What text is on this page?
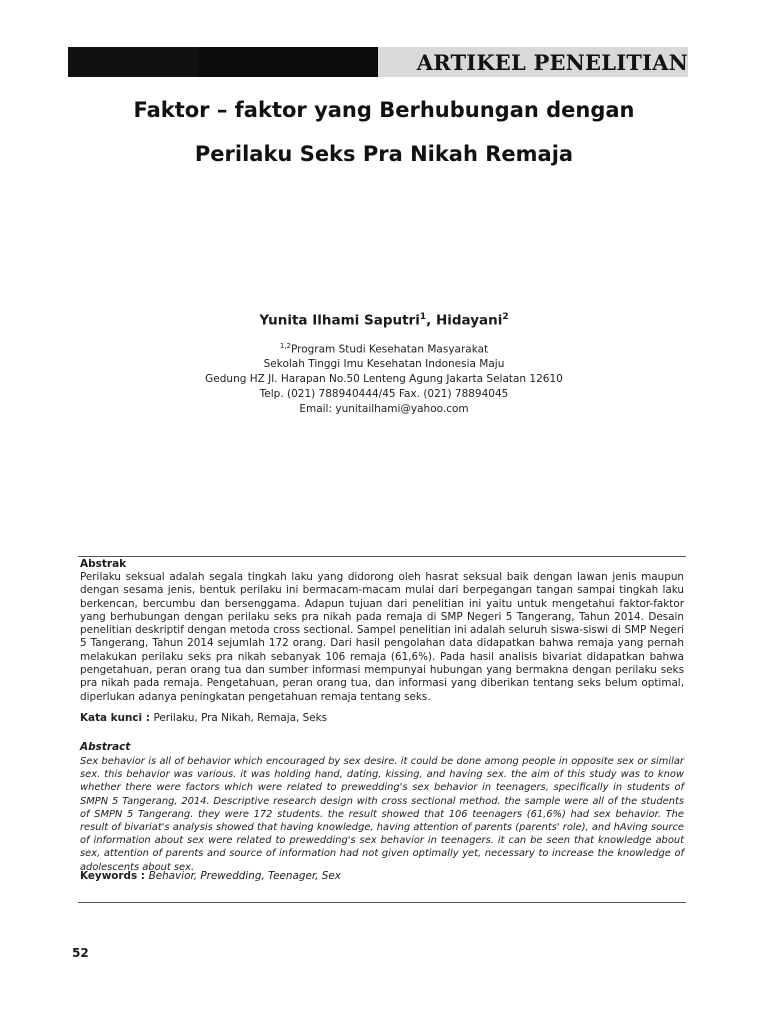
ARTIKEL PENELITIAN
Faktor – faktor yang Berhubungan dengan
Perilaku Seks Pra Nikah Remaja
Yunita Ilhami Saputri$^1$, Hidayani$^2$
$^{1,2}$Program Studi Kesehatan Masyarakat
Sekolah Tinggi Imu Kesehatan Indonesia Maju
Gedung HZ Jl. Harapan No.50 Lenteng Agung Jakarta Selatan 12610
Telp. (021) 788940444/45 Fax. (021) 78894045
Email: yunitailhami@yahoo.com
Abstrak
Perilaku seksual adalah segala tingkah laku yang didorong oleh hasrat seksual baik dengan lawan jenis maupun dengan sesama jenis, bentuk perilaku ini bermacam-macam mulai dari berpegangan tangan sampai tingkah laku berkencan, bercumbu dan bersenggama. Adapun tujuan dari penelitian ini yaitu untuk mengetahui faktor-faktor yang berhubungan dengan perilaku seks pra nikah pada remaja di SMP Negeri 5 Tangerang, Tahun 2014. Desain penelitian deskriptif dengan metoda cross sectional. Sampel penelitian ini adalah seluruh siswa-siswi di SMP Negeri 5 Tangerang, Tahun 2014 sejumlah 172 orang. Dari hasil pengolahan data didapatkan bahwa remaja yang pernah melakukan perilaku seks pra nikah sebanyak 106 remaja (61,6%). Pada hasil analisis bivariat didapatkan bahwa pengetahuan, peran orang tua dan sumber informasi mempunyai hubungan yang bermakna dengan perilaku seks pra nikah pada remaja. Pengetahuan, peran orang tua, dan informasi yang diberikan tentang seks belum optimal, diperlukan adanya peningkatan pengetahuan remaja tentang seks.
Kata kunci : Perilaku, Pra Nikah, Remaja, Seks
Abstract
Sex behavior is all of behavior which encouraged by sex desire. it could be done among people in opposite sex or similar sex. this behavior was various. it was holding hand, dating, kissing, and having sex. the aim of this study was to know whether there were factors which were related to prewedding's sex behavior in teenagers, specifically in students of SMPN 5 Tangerang, 2014. Descriptive research design with cross sectional method. the sample were all of the students of SMPN 5 Tangerang. they were 172 students. the result showed that 106 teenagers (61,6%) had sex behavior. The result of bivariat's analysis showed that having knowledge, having attention of parents (parents' role), and hAving source of information about sex were related to prewedding's sex behavior in teenagers. it can be seen that knowledge about sex, attention of parents and source of information had not given optimally yet, necessary to increase the knowledge of adolescents about sex.
Keywords : Behavior, Prewedding, Teenager, Sex
52
